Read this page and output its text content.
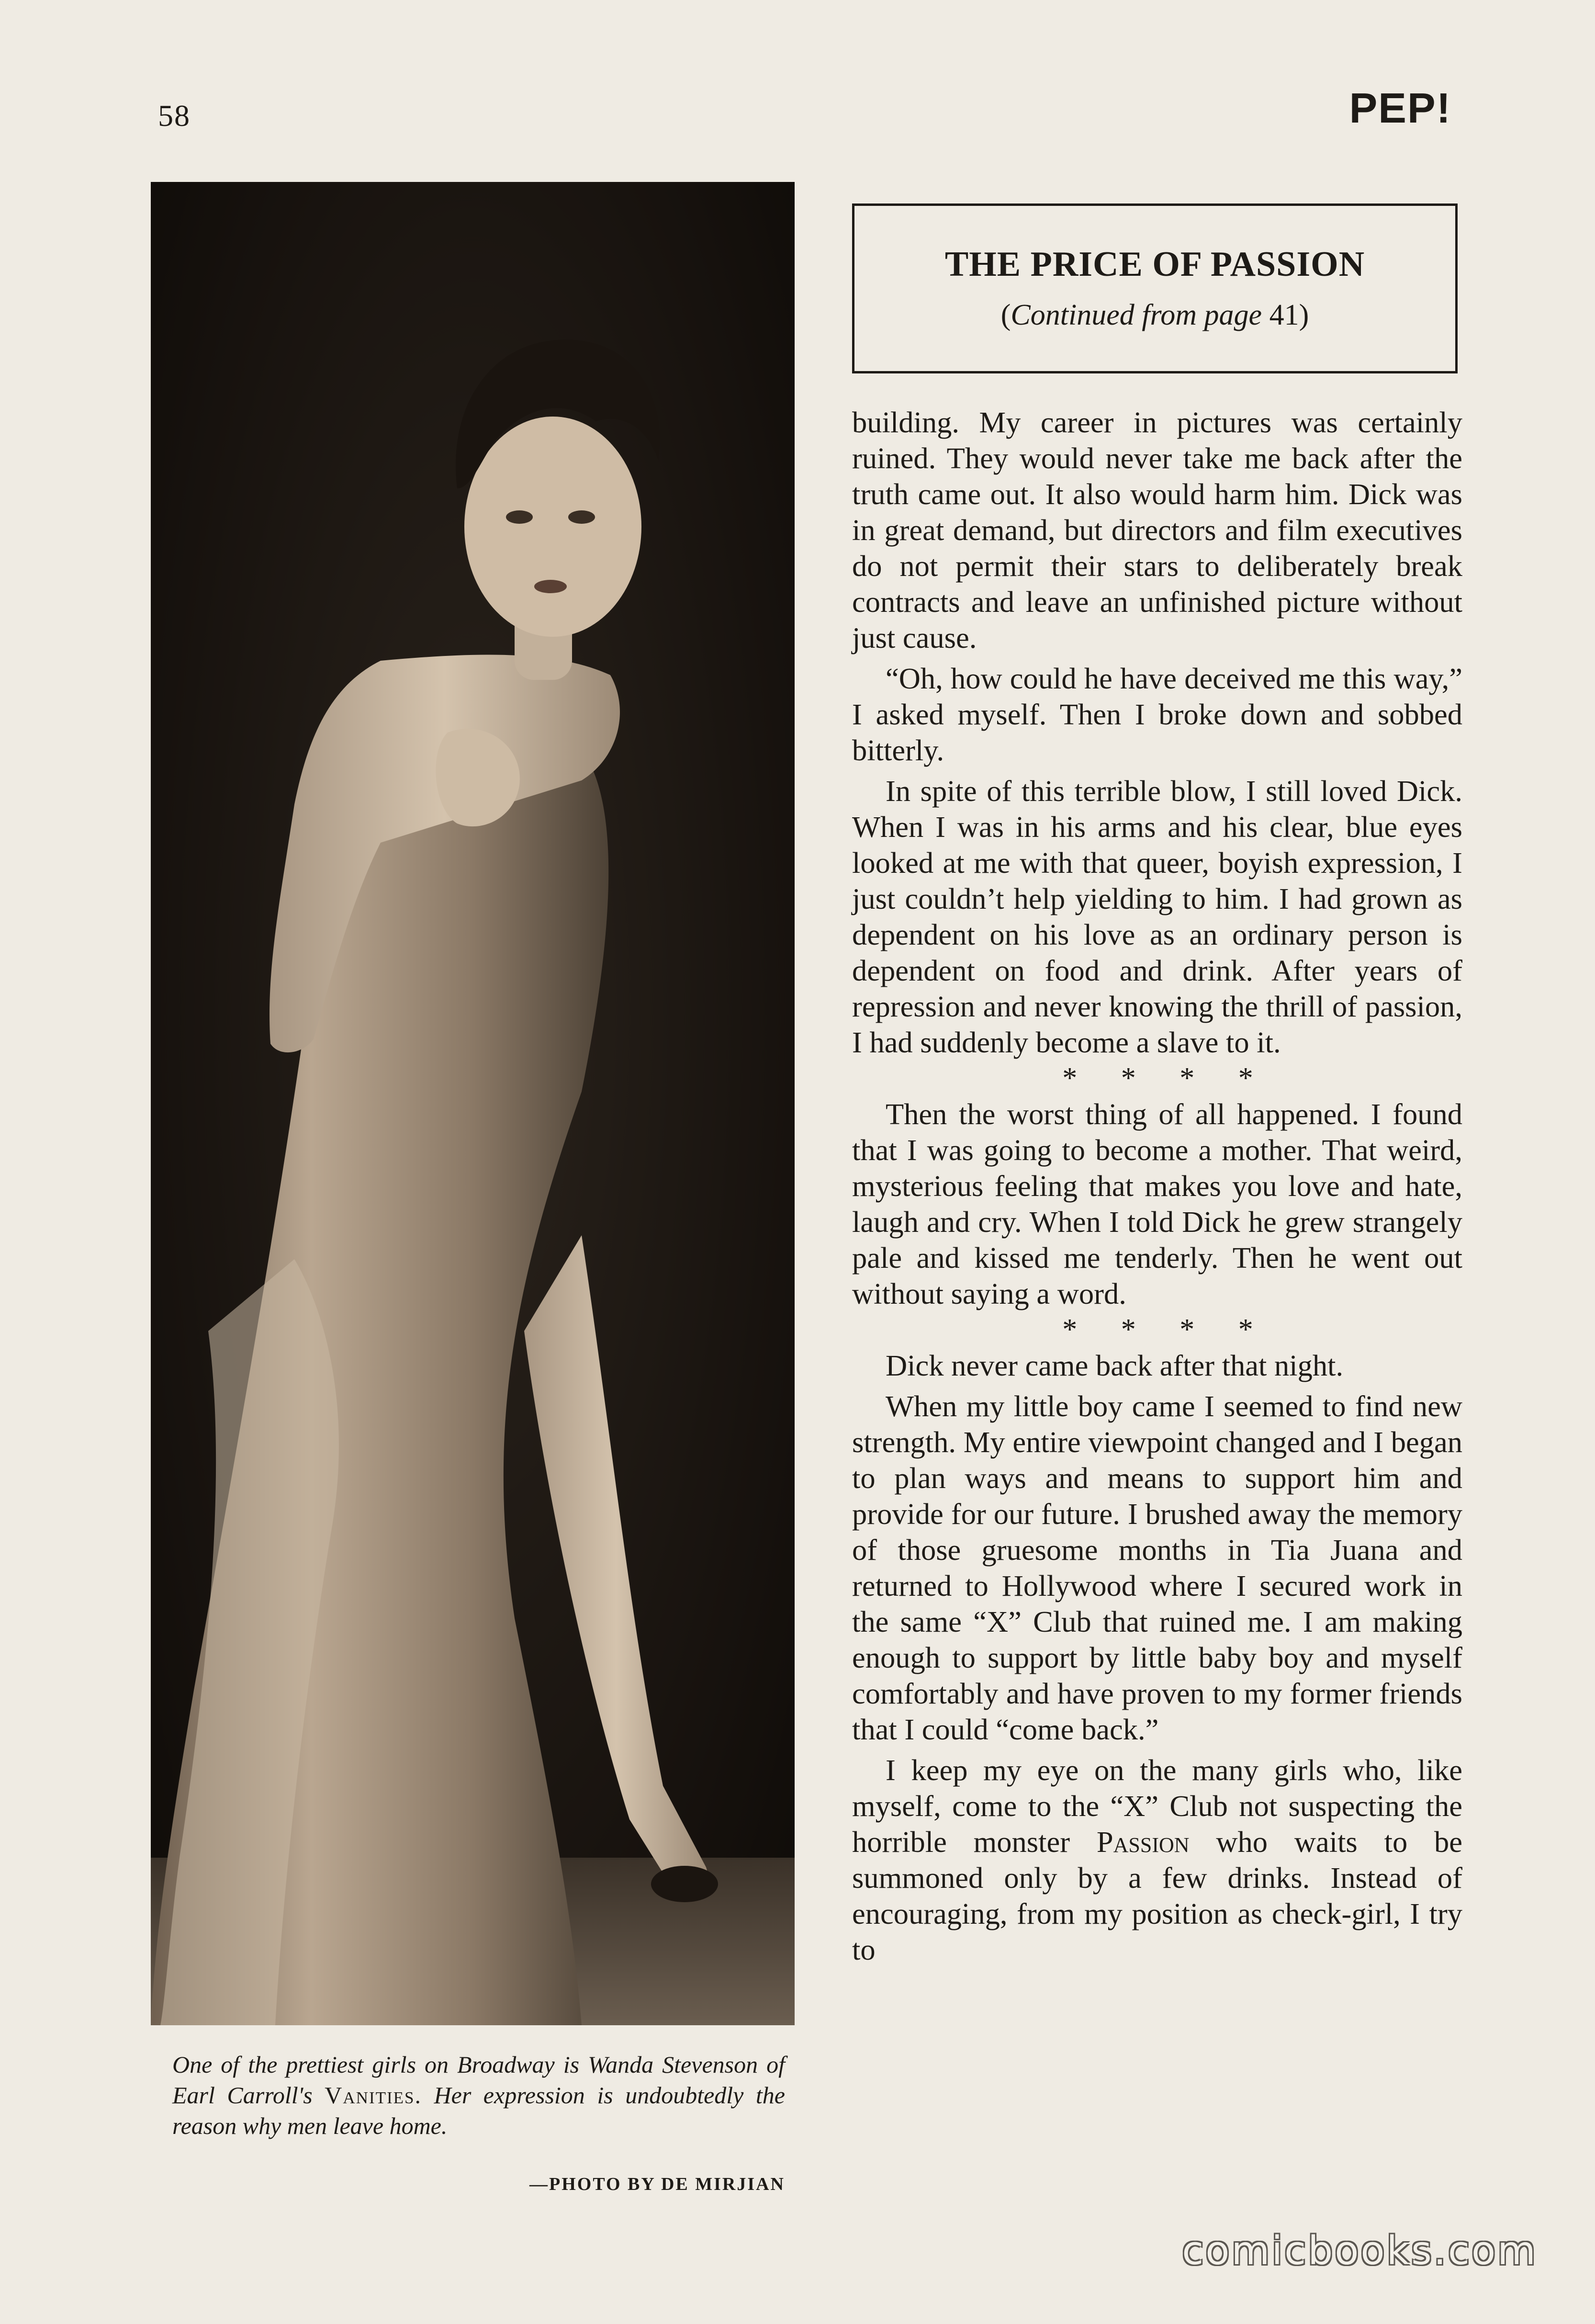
58	PEP!
One of the prettiest girls on Broadway is Wanda Stevenson of Earl Carroll's Vanities. Her expression is undoubtedly the reason why men leave home.
—PHOTO BY DE MIRJIAN
THE PRICE OF PASSION
(Continued from page 41)

building. My career in pictures was certainly ruined. They would never take me back after the truth came out. It also would harm him. Dick was in great demand, but directors and film executives do not permit their stars to deliberately break contracts and leave an unfinished picture without just cause.

“Oh, how could he have deceived me this way,” I asked myself. Then I broke down and sobbed bitterly.

In spite of this terrible blow, I still loved Dick. When I was in his arms and his clear, blue eyes looked at me with that queer, boyish expression, I just couldn’t help yielding to him. I had grown as dependent on his love as an ordinary person is dependent on food and drink. After years of repression and never knowing the thrill of passion, I had suddenly become a slave to it.

* * * *

Then the worst thing of all happened. I found that I was going to become a mother. That weird, mysterious feeling that makes you love and hate, laugh and cry. When I told Dick he grew strangely pale and kissed me tenderly. Then he went out without saying a word.

* * * *

Dick never came back after that night.

When my little boy came I seemed to find new strength. My entire viewpoint changed and I began to plan ways and means to support him and provide for our future. I brushed away the memory of those gruesome months in Tia Juana and returned to Hollywood where I secured work in the same “X” Club that ruined me. I am making enough to support by little baby boy and myself comfortably and have proven to my former friends that I could “come back.”

I keep my eye on the many girls who, like myself, come to the “X” Club not suspecting the horrible monster Passion who waits to be summoned only by a few drinks. Instead of encouraging, from my position as check-girl, I try to

comicbooks.com
